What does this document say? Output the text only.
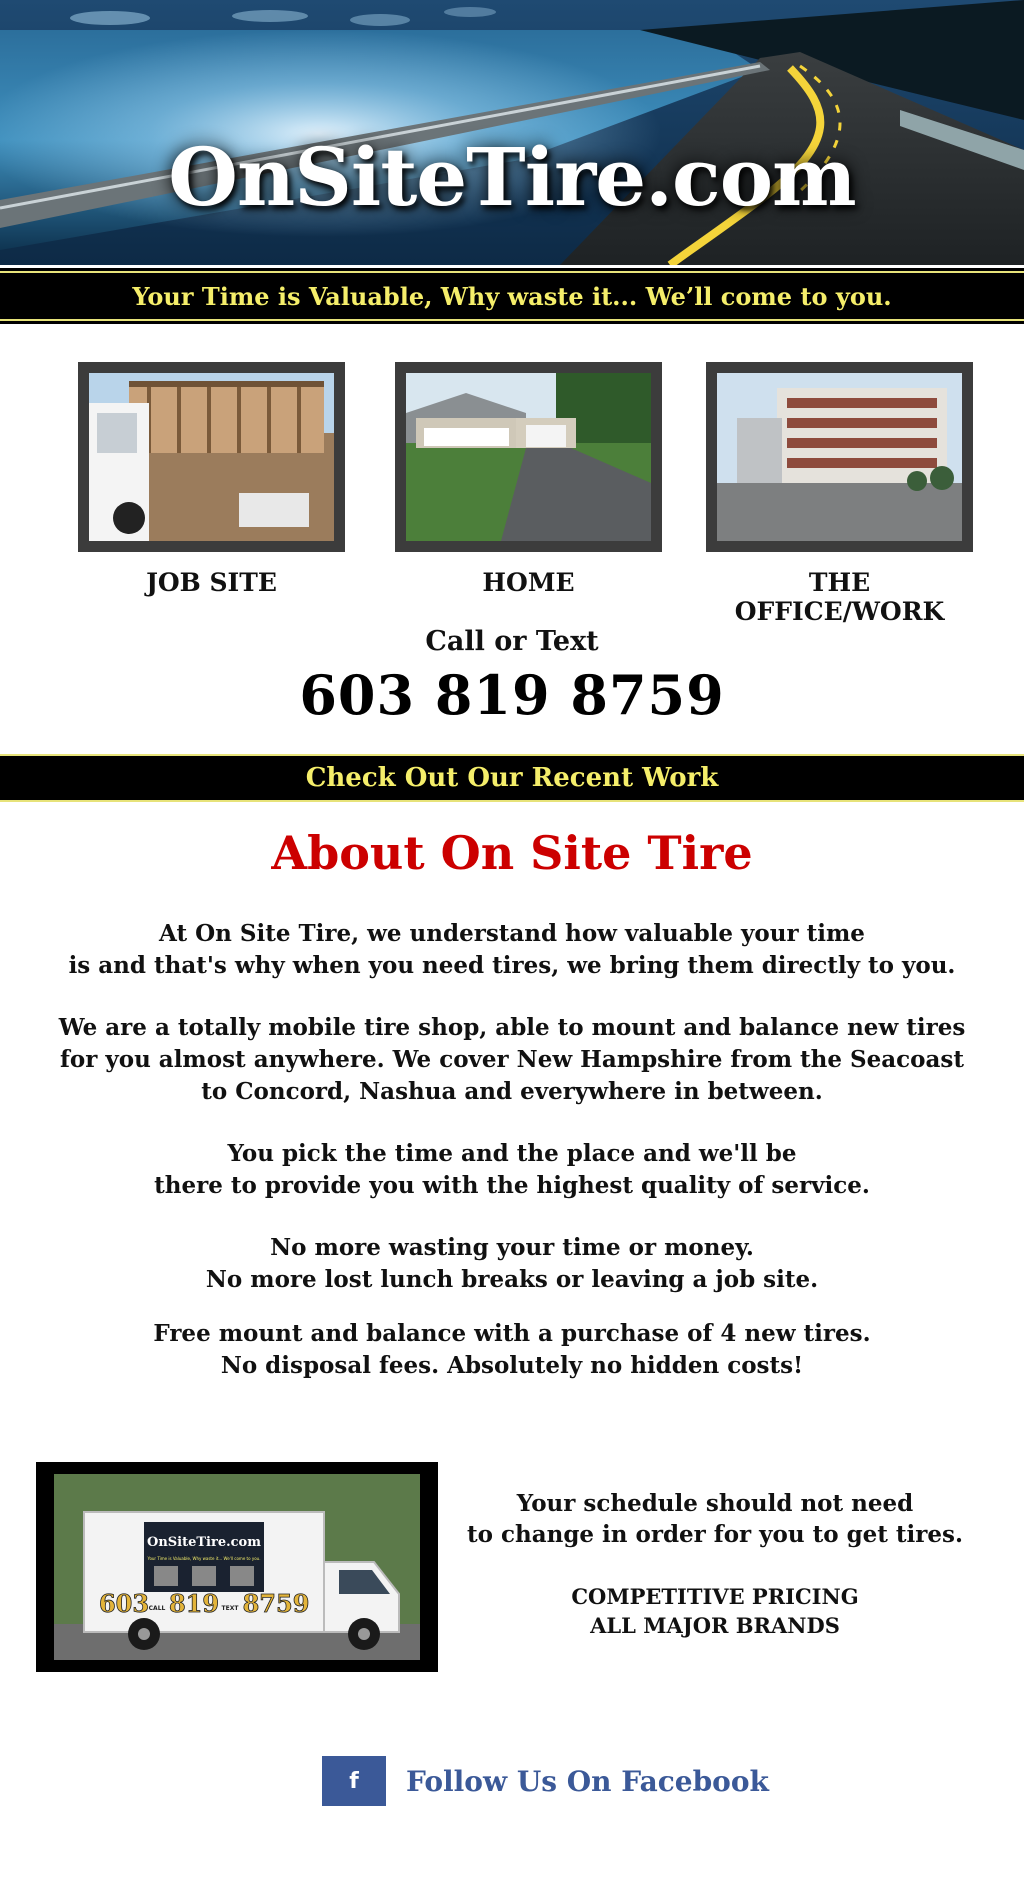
OnSiteTire.com
Your Time is Valuable, Why waste it... We’ll come to you.
JOB SITE	HOME	THE OFFICE/WORK
Call or Text
603 819 8759
Check Out Our Recent Work
About On Site Tire
At On Site Tire, we understand how valuable your time
is and that's why when you need tires, we bring them directly to you.
We are a totally mobile tire shop, able to mount and balance new tires
for you almost anywhere. We cover New Hampshire from the Seacoast
to Concord, Nashua and everywhere in between.
You pick the time and the place and we'll be
there to provide you with the highest quality of service.
No more wasting your time or money.
No more lost lunch breaks or leaving a job site.
Free mount and balance with a purchase of 4 new tires.
No disposal fees. Absolutely no hidden costs!
OnSiteTire.com
Your Time is Valuable, Why waste it... We'll come to you.
603 CALL 819 TEXT 8759
Your schedule should not need
to change in order for you to get tires.
COMPETITIVE PRICING
ALL MAJOR BRANDS
f	Follow Us On Facebook
